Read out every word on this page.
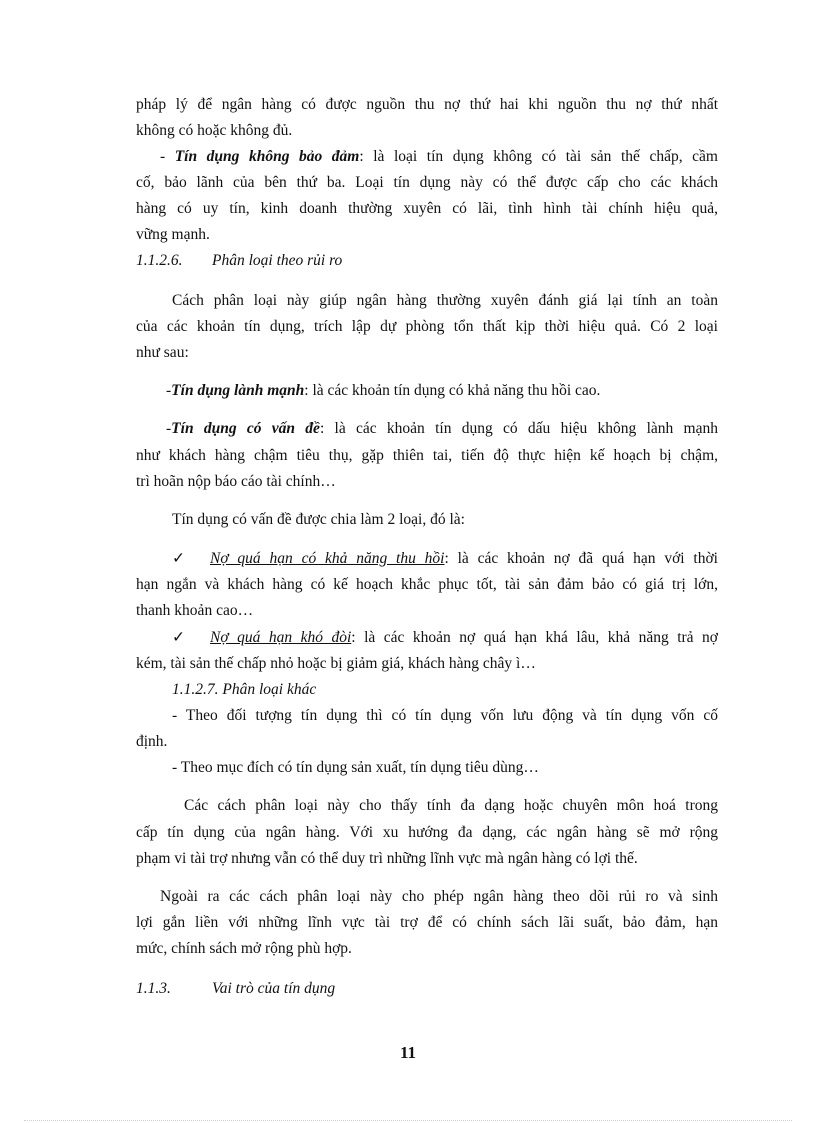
pháp lý để ngân hàng có được nguồn thu nợ thứ hai khi nguồn thu nợ thứ nhất
không có hoặc không đủ.
- Tín dụng không bảo đảm: là loại tín dụng không có tài sản thế chấp, cầm
cố, bảo lãnh của bên thứ ba. Loại tín dụng này có thể được cấp cho các khách
hàng có uy tín, kinh doanh thường xuyên có lãi, tình hình tài chính hiệu quả,
vững mạnh.
1.1.2.6. Phân loại theo rủi ro
Cách phân loại này giúp ngân hàng thường xuyên đánh giá lại tính an toàn
của các khoản tín dụng, trích lập dự phòng tổn thất kịp thời hiệu quả. Có 2 loại
như sau:
-Tín dụng lành mạnh: là các khoản tín dụng có khả năng thu hồi cao.
-Tín dụng có vấn đề: là các khoản tín dụng có dấu hiệu không lành mạnh
như khách hàng chậm tiêu thụ, gặp thiên tai, tiến độ thực hiện kế hoạch bị chậm,
trì hoãn nộp báo cáo tài chính…
Tín dụng có vấn đề được chia làm 2 loại, đó là:
✓ Nợ quá hạn có khả năng thu hồi: là các khoản nợ đã quá hạn với thời
hạn ngắn và khách hàng có kế hoạch khắc phục tốt, tài sản đảm bảo có giá trị lớn,
thanh khoản cao…
✓ Nợ quá hạn khó đòi: là các khoản nợ quá hạn khá lâu, khả năng trả nợ
kém, tài sản thế chấp nhỏ hoặc bị giảm giá, khách hàng chây ì…
1.1.2.7. Phân loại khác
- Theo đối tượng tín dụng thì có tín dụng vốn lưu động và tín dụng vốn cố
định.
- Theo mục đích có tín dụng sản xuất, tín dụng tiêu dùng…
Các cách phân loại này cho thấy tính đa dạng hoặc chuyên môn hoá trong
cấp tín dụng của ngân hàng. Với xu hướng đa dạng, các ngân hàng sẽ mở rộng
phạm vi tài trợ nhưng vẫn có thể duy trì những lĩnh vực mà ngân hàng có lợi thế.
Ngoài ra các cách phân loại này cho phép ngân hàng theo dõi rủi ro và sinh
lợi gắn liền với những lĩnh vực tài trợ để có chính sách lãi suất, bảo đảm, hạn
mức, chính sách mở rộng phù hợp.
1.1.3.	Vai trò của tín dụng
11
